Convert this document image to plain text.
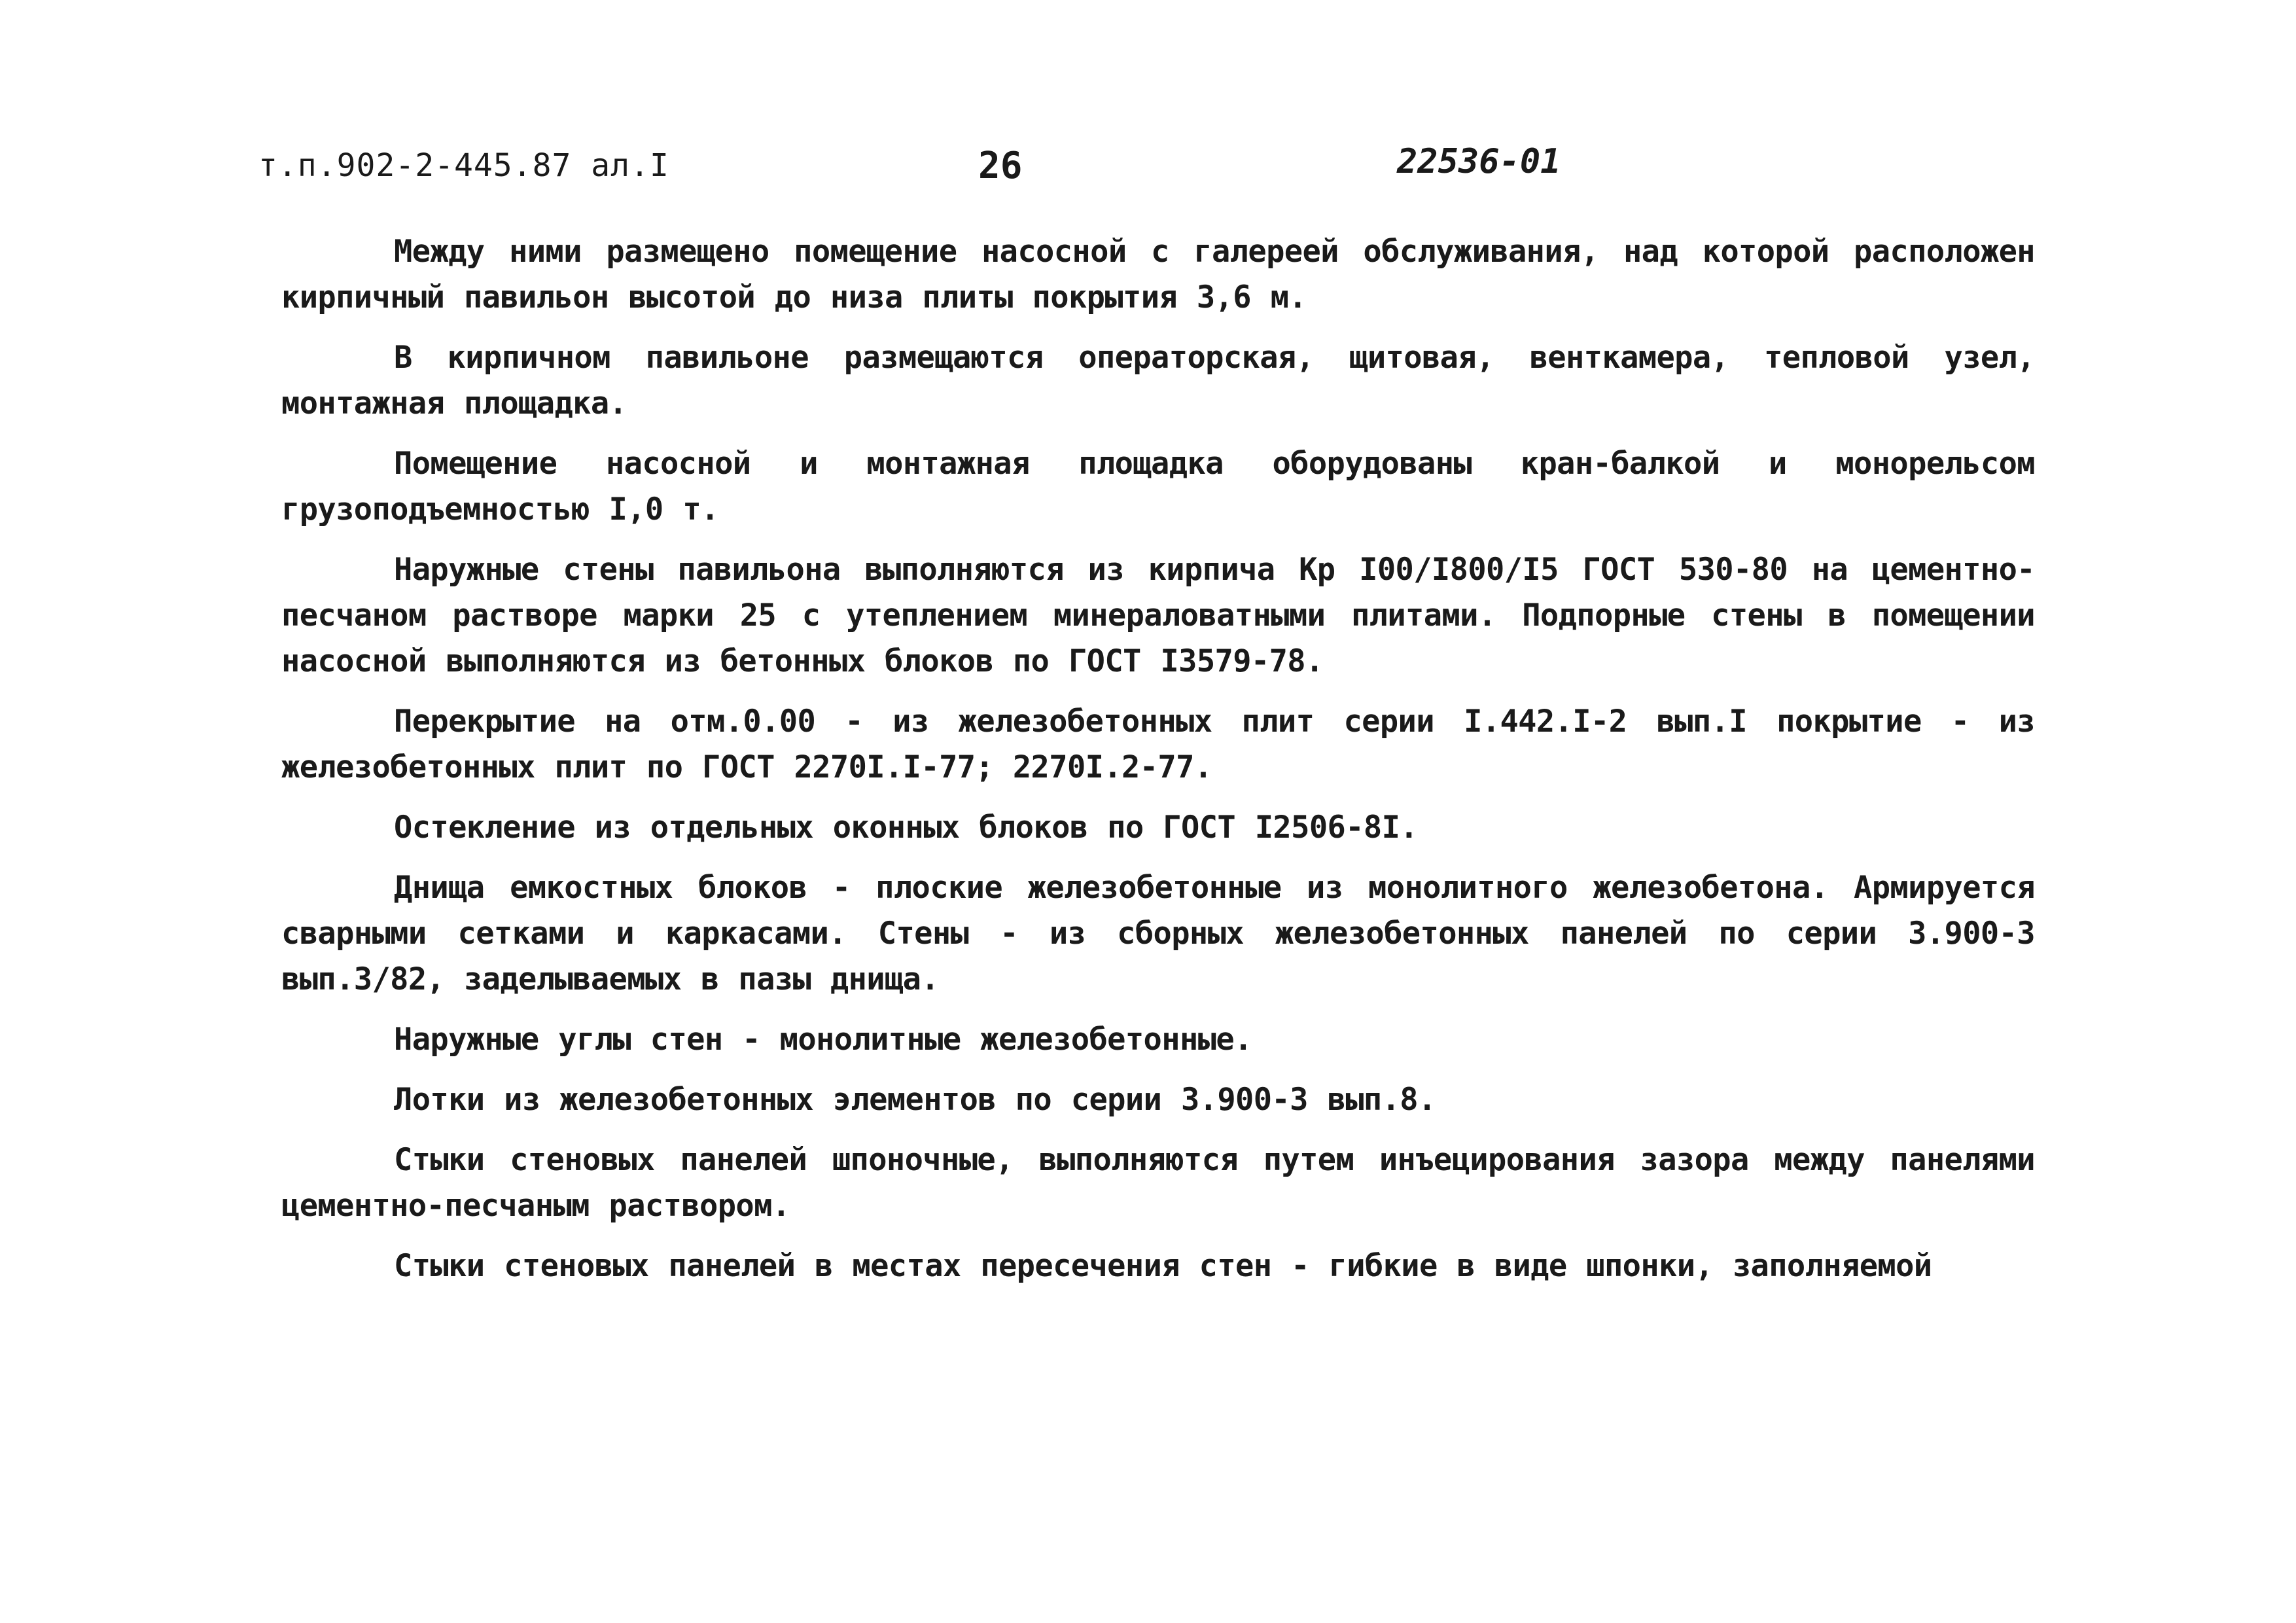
т.п.902-2-445.87 ал.I	26	22536-01

Между ними размещено помещение насосной с галереей обслуживания, над которой расположен кирпичный павильон высотой до низа плиты покрытия 3,6 м.

В кирпичном павильоне размещаются операторская, щитовая, венткамера, тепловой узел, монтажная площадка.

Помещение насосной и монтажная площадка оборудованы кран-балкой и монорельсом грузоподъемностью I,0 т.

Наружные стены павильона выполняются из кирпича Кр I00/I800/I5 ГОСТ 530-80 на цементно-песчаном растворе марки 25 с утеплением минераловатными плитами. Подпорные стены в помещении насосной выполняются из бетонных блоков по ГОСТ I3579-78.

Перекрытие на отм.0.00 - из железобетонных плит серии I.442.I-2 вып.I покрытие - из железобетонных плит по ГОСТ 2270I.I-77; 2270I.2-77.

Остекление из отдельных оконных блоков по ГОСТ I2506-8I.

Днища емкостных блоков - плоские железобетонные из монолитного железобетона. Армируется сварными сетками и каркасами. Стены - из сборных железобетонных панелей по серии 3.900-3 вып.3/82, заделываемых в пазы днища.

Наружные углы стен - монолитные железобетонные.

Лотки из железобетонных элементов по серии 3.900-3 вып.8.

Стыки стеновых панелей шпоночные, выполняются путем инъецирования зазора между панелями цементно-песчаным раствором.

Стыки стеновых панелей в местах пересечения стен - гибкие в виде шпонки, заполняемой
